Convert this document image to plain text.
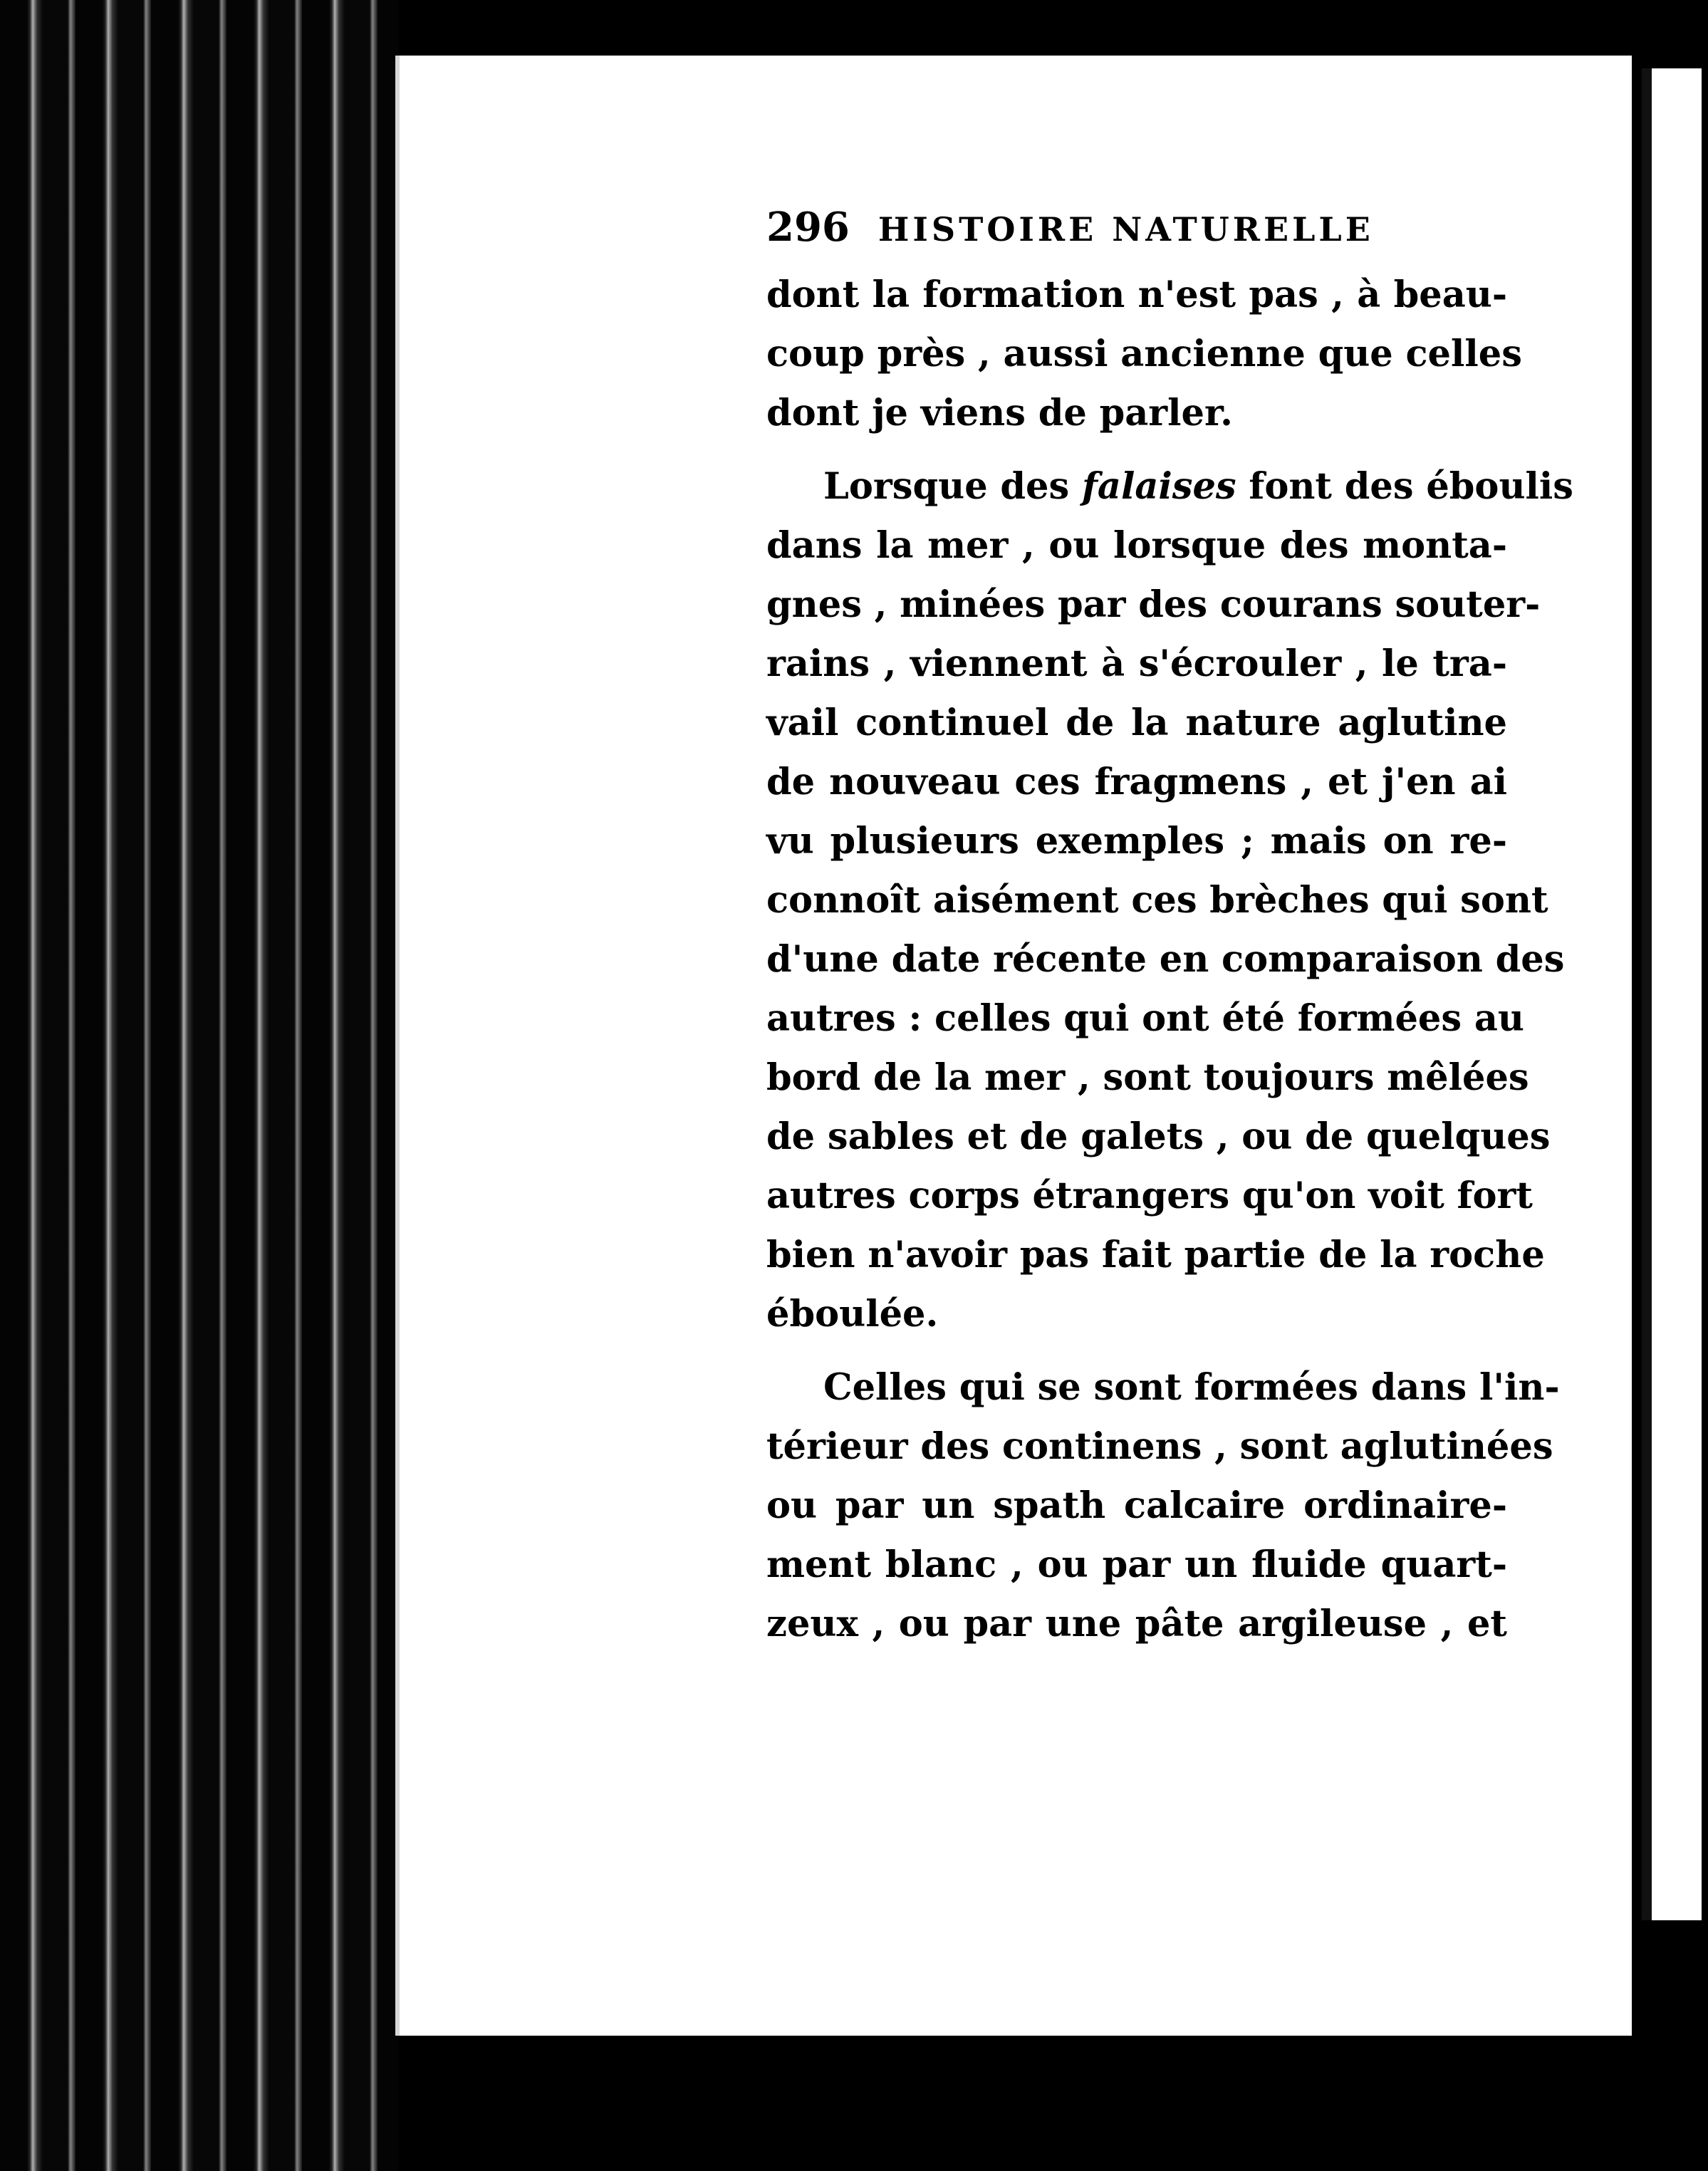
296 HISTOIRE NATURELLE
dont la formation n'est pas , à beau-
coup près , aussi ancienne que celles
dont je viens de parler.
Lorsque des falaises font des éboulis
dans la mer , ou lorsque des monta-
gnes , minées par des courans souter-
rains , viennent à s'écrouler , le tra-
vail continuel de la nature aglutine
de nouveau ces fragmens , et j'en ai
vu plusieurs exemples ; mais on re-
connoît aisément ces brèches qui sont
d'une date récente en comparaison des
autres : celles qui ont été formées au
bord de la mer , sont toujours mêlées
de sables et de galets , ou de quelques
autres corps étrangers qu'on voit fort
bien n'avoir pas fait partie de la roche
éboulée.
Celles qui se sont formées dans l'in-
térieur des continens , sont aglutinées
ou par un spath calcaire ordinaire-
ment blanc , ou par un fluide quart-
zeux , ou par une pâte argileuse , et
